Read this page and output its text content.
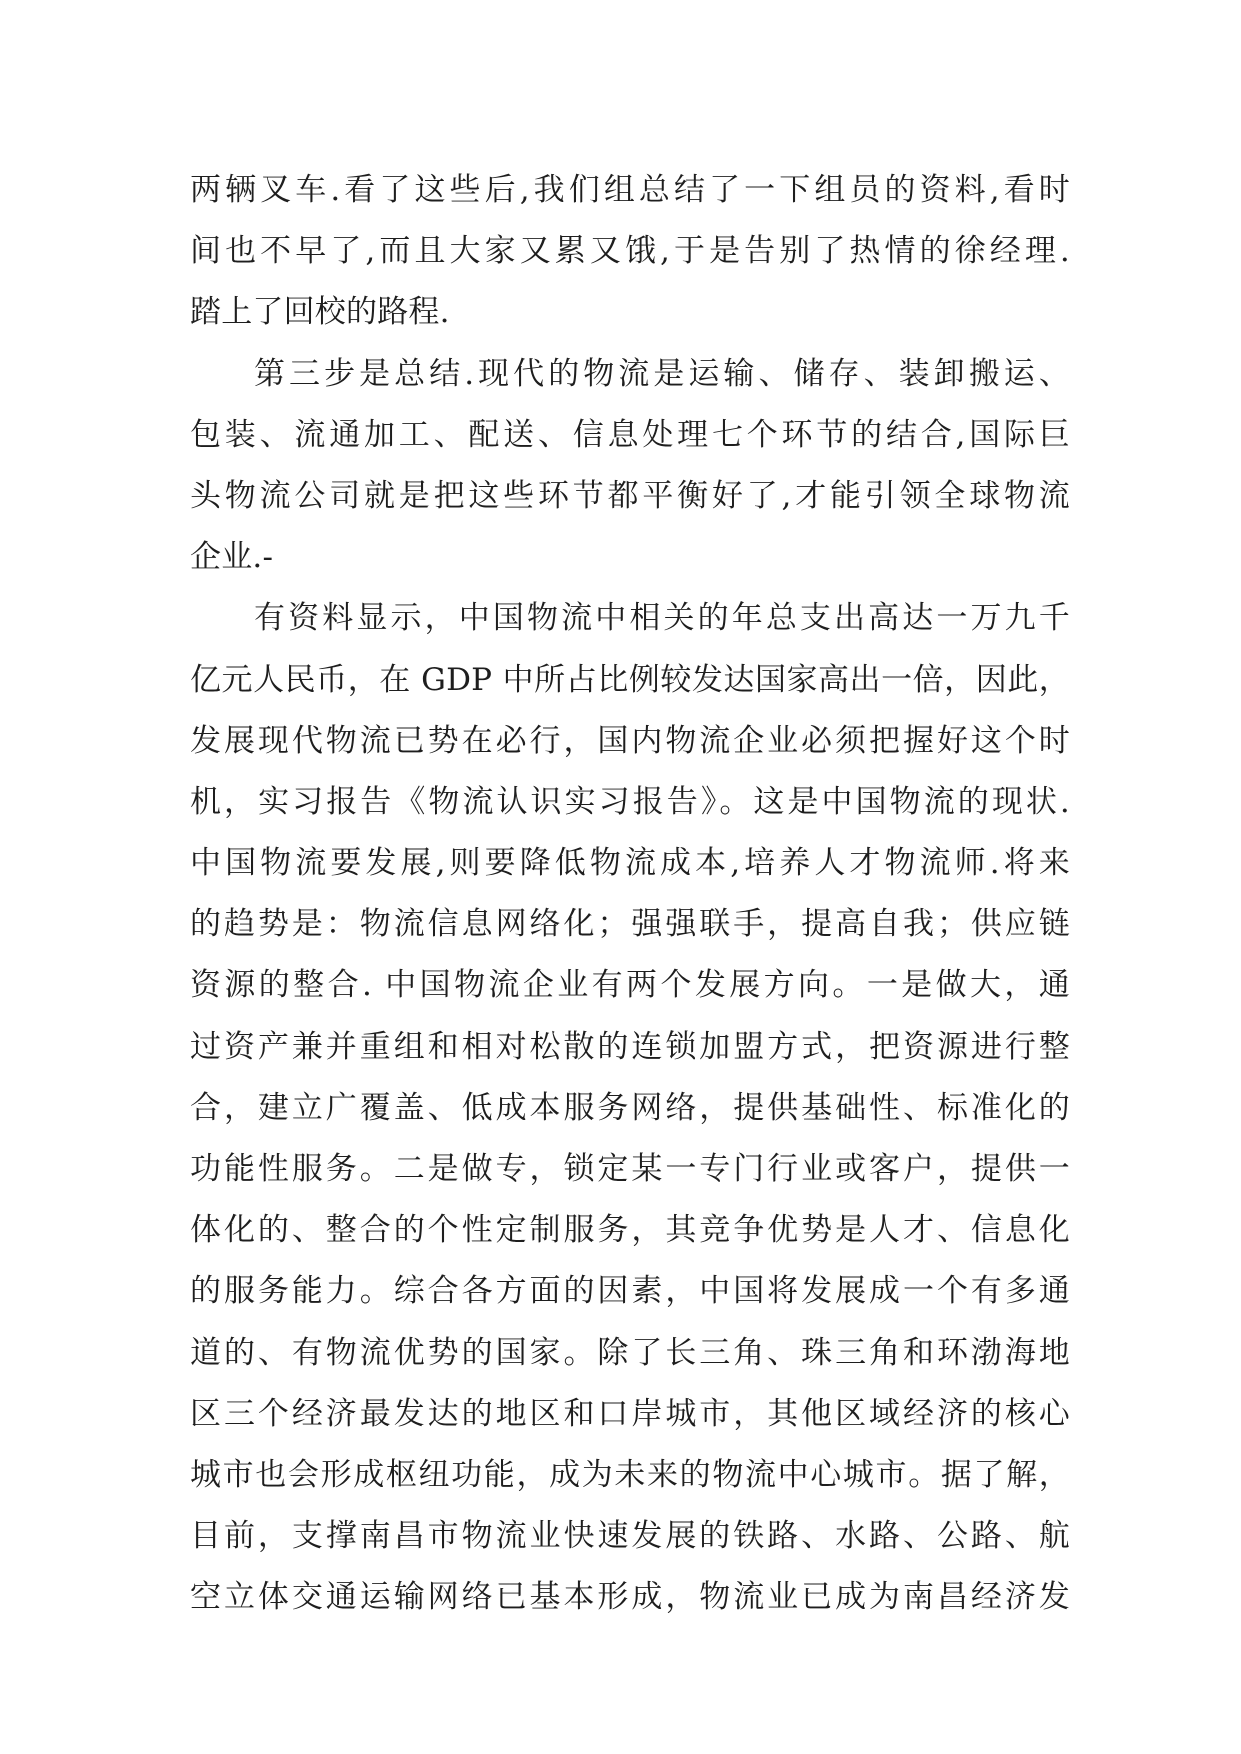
两辆叉车.看了这些后,我们组总结了一下组员的资料,看时
间也不早了,而且大家又累又饿,于是告别了热情的徐经理.
踏上了回校的路程.
第三步是总结.现代的物流是运输、储存、装卸搬运、
包装、流通加工、配送、信息处理七个环节的结合,国际巨
头物流公司就是把这些环节都平衡好了,才能引领全球物流
企业.-
有资料显示，中国物流中相关的年总支出高达一万九千
亿元人民币，在 GDP 中所占比例较发达国家高出一倍，因此，
发展现代物流已势在必行，国内物流企业必须把握好这个时
机，实习报告《物流认识实习报告》。这是中国物流的现状.
中国物流要发展,则要降低物流成本,培养人才物流师.将来
的趋势是：物流信息网络化；强强联手，提高自我；供应链
资源的整合. 中国物流企业有两个发展方向。一是做大，通
过资产兼并重组和相对松散的连锁加盟方式，把资源进行整
合，建立广覆盖、低成本服务网络，提供基础性、标准化的
功能性服务。二是做专，锁定某一专门行业或客户，提供一
体化的、整合的个性定制服务，其竞争优势是人才、信息化
的服务能力。综合各方面的因素，中国将发展成一个有多通
道的、有物流优势的国家。除了长三角、珠三角和环渤海地
区三个经济最发达的地区和口岸城市，其他区域经济的核心
城市也会形成枢纽功能，成为未来的物流中心城市。据了解，
目前，支撑南昌市物流业快速发展的铁路、水路、公路、航
空立体交通运输网络已基本形成，物流业已成为南昌经济发
